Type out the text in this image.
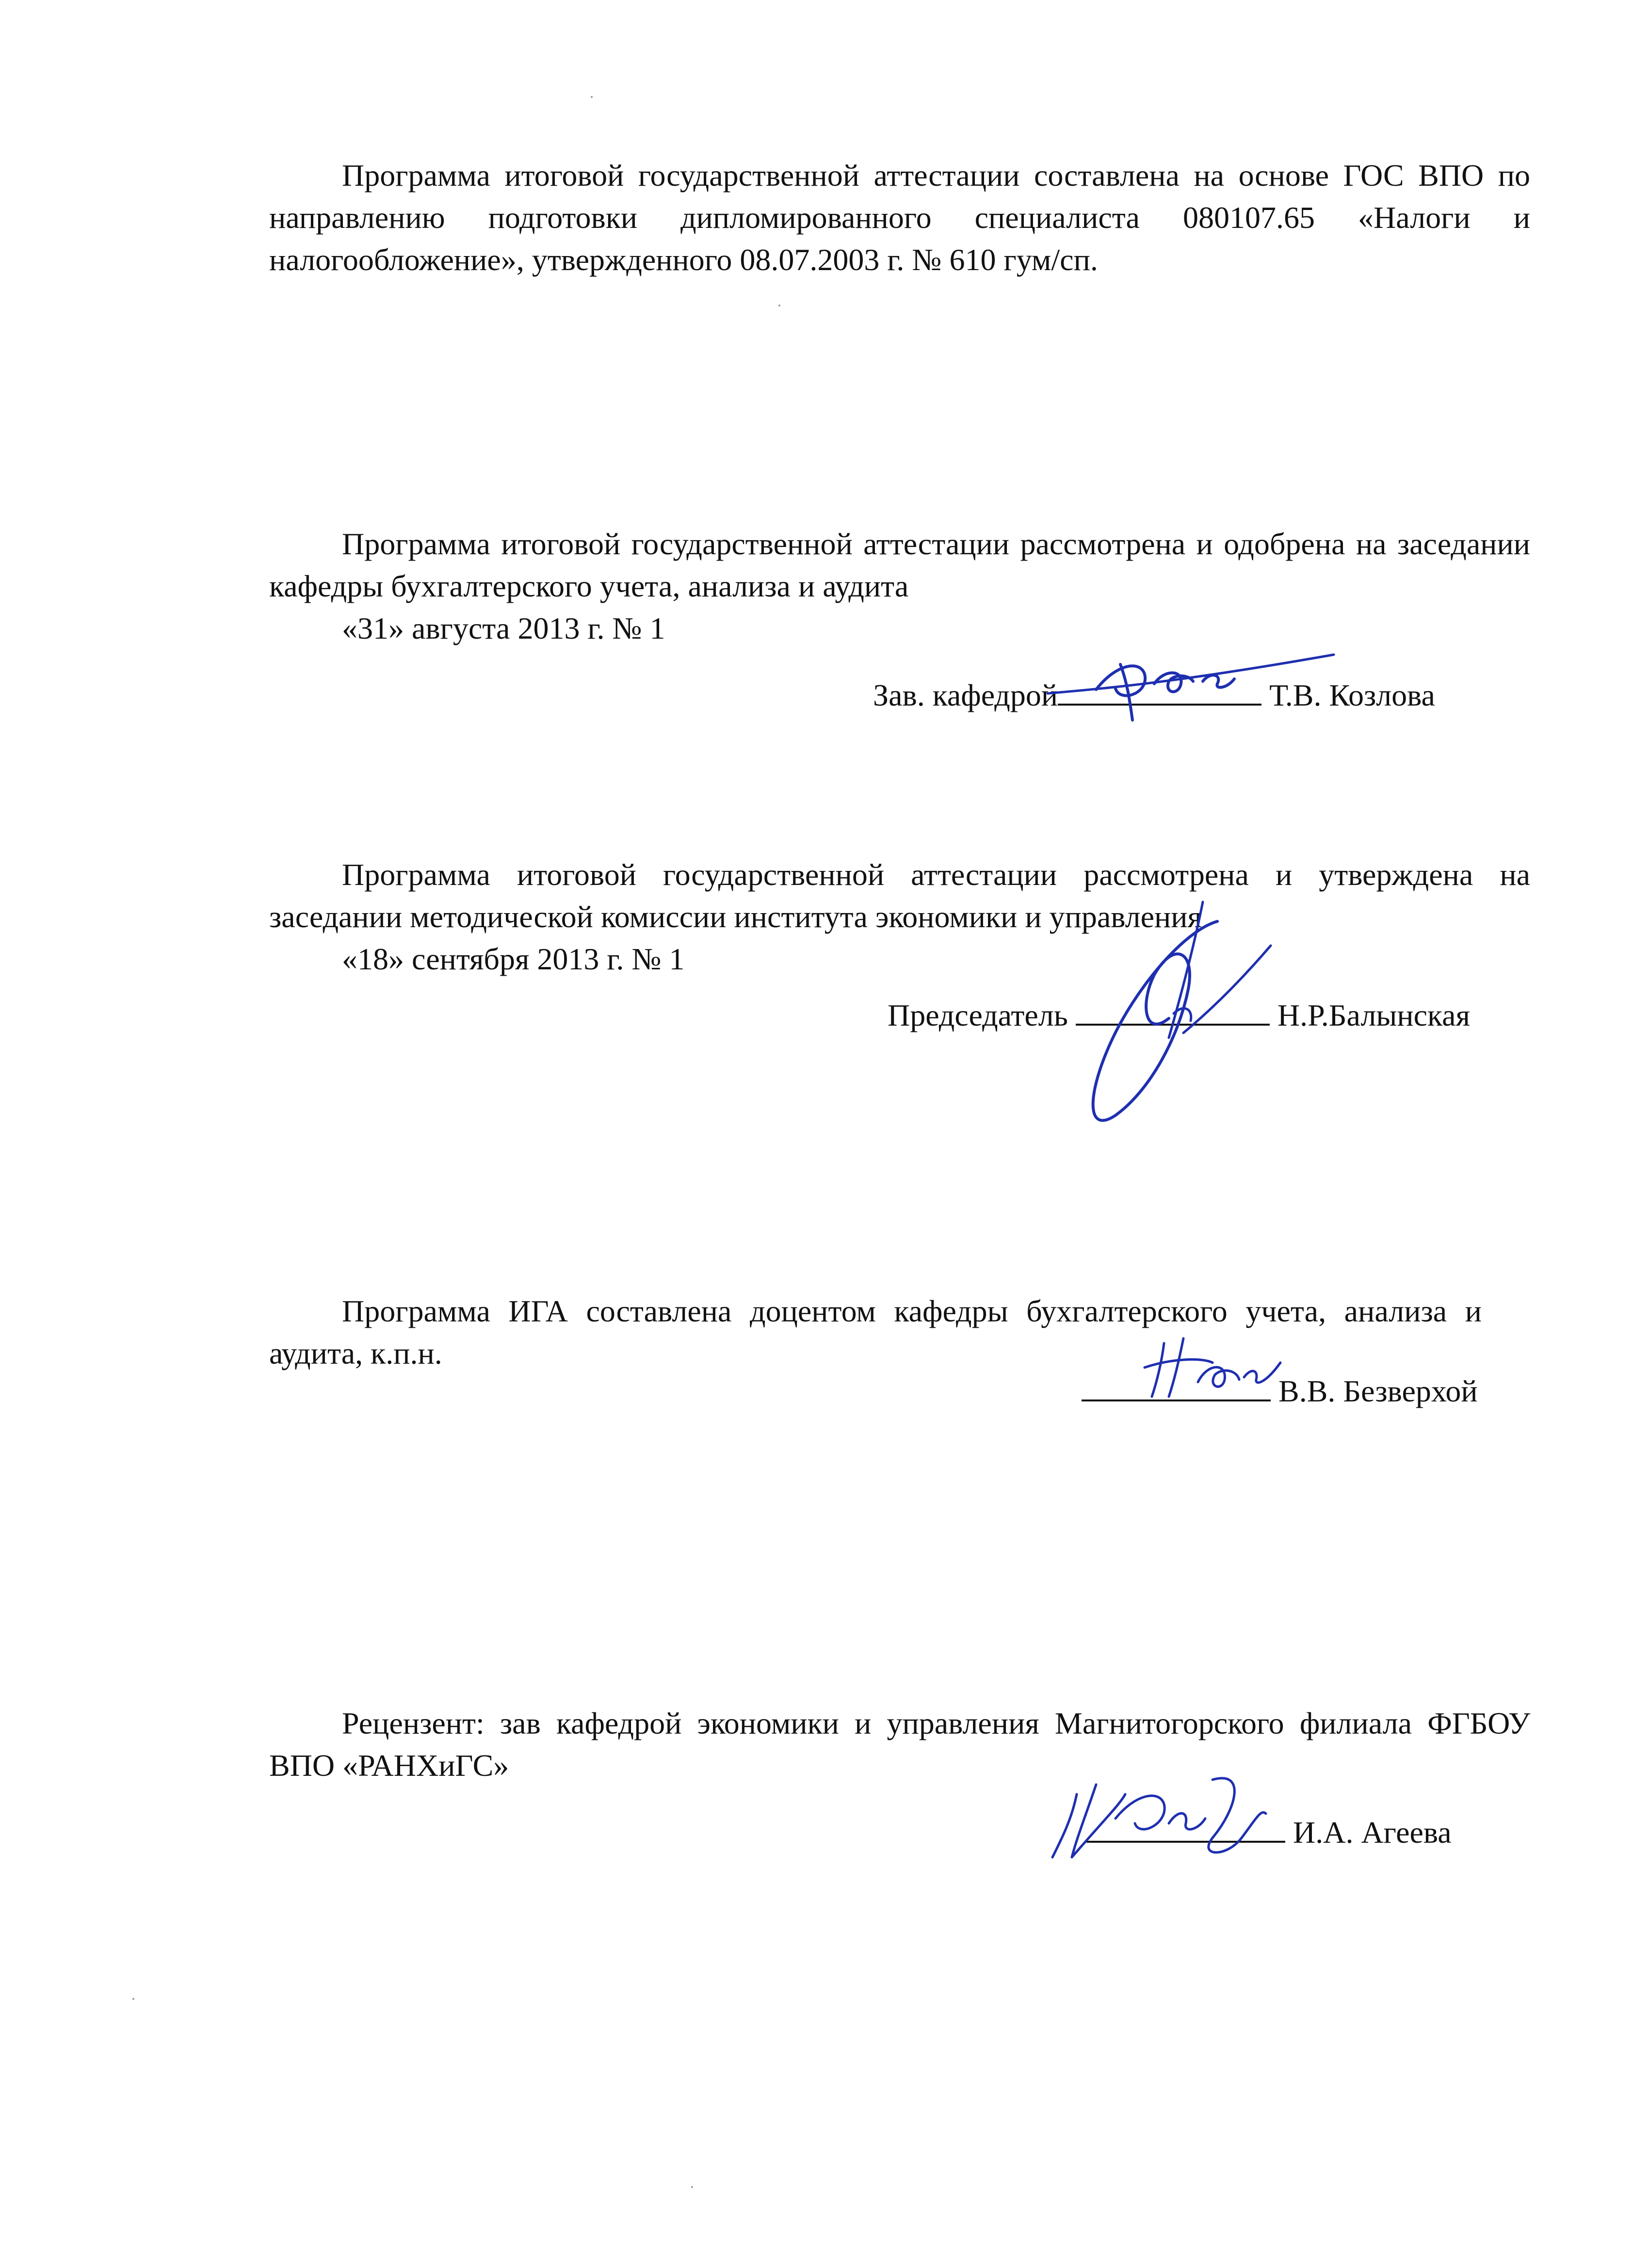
Программа итоговой государственной аттестации составлена на основе ГОС ВПО по направлению подготовки дипломированного специалиста 080107.65 «Налоги и налогообложение», утвержденного 08.07.2003 г. № 610 гум/сп.

Программа итоговой государственной аттестации рассмотрена и одобрена на заседании кафедры бухгалтерского учета, анализа и аудита

«31» августа 2013 г. № 1

Зав. кафедрой	Т.В. Козлова

Программа итоговой государственной аттестации рассмотрена и утверждена на заседании методической комиссии института экономики и управления

«18» сентября 2013 г. № 1

Председатель	Н.Р.Балынская

Программа ИГА составлена доцентом кафедры бухгалтерского учета, анализа и аудита, к.п.н.

В.В. Безверхой

Рецензент: зав кафедрой экономики и управления Магнитогорского филиала ФГБОУ ВПО «РАНХиГС»

И.А. Агеева
